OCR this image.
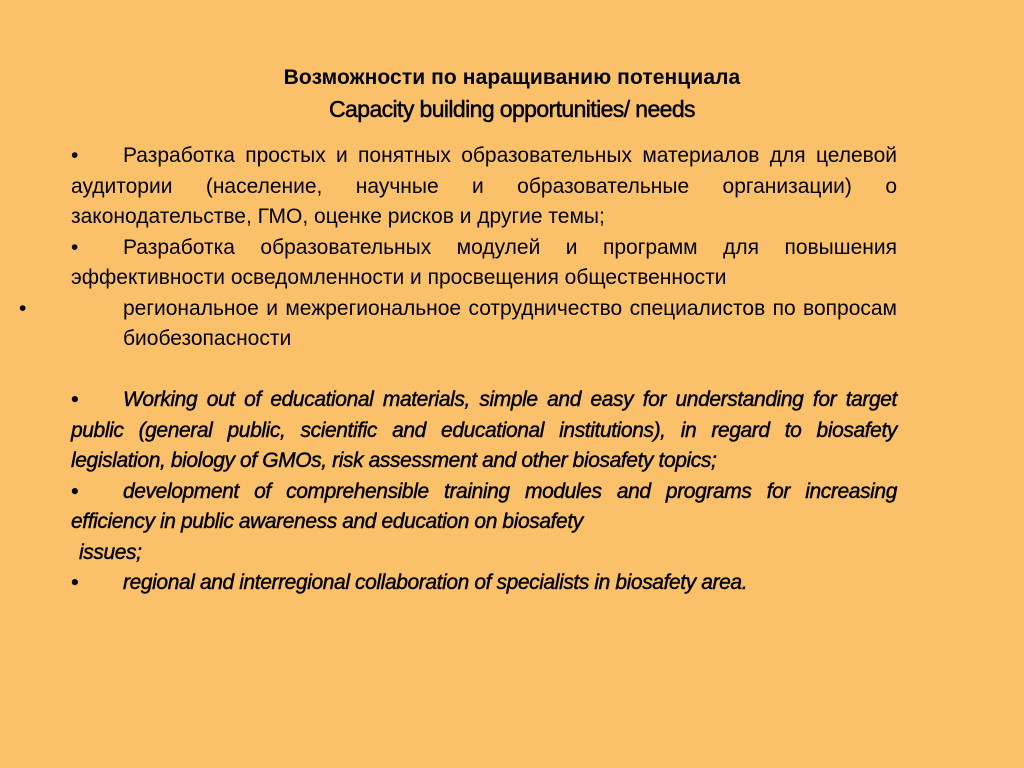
Возможности по наращиванию потенциала
Capacity building opportunities/ needs

• Разработка простых и понятных образовательных материалов для целевой аудитории (население, научные и образовательные организации) о законодательстве, ГМО, оценке рисков и другие темы;

• Разработка образовательных модулей и программ для повышения эффективности осведомленности и просвещения общественности

•	региональное и межрегиональное сотрудничество специалистов по вопросам биобезопасности

• Working out of educational materials, simple and easy for understanding for target public (general public, scientific and educational institutions), in regard to biosafety legislation, biology of GMOs, risk assessment and other biosafety topics;

• development of comprehensible training modules and programs for increasing efficiency in public awareness and education on biosafety
issues;

• regional and interregional collaboration of specialists in biosafety area.
